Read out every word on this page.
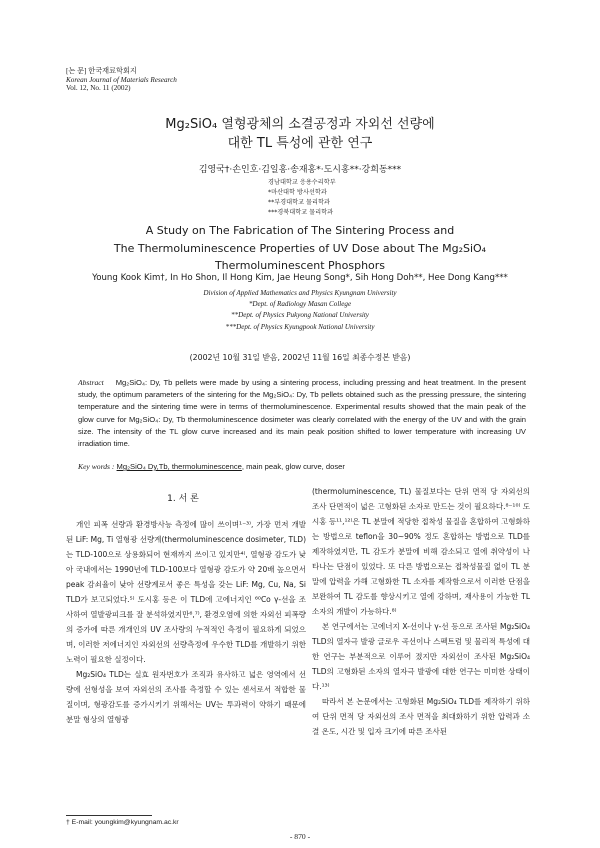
[논 문] 한국재료학회지
Korean Journal of Materials Research
Vol. 12, No. 11 (2002)
Mg₂SiO₄ 열형광체의 소결공정과 자외선 선량에
대한 TL 특성에 관한 연구
김영국†·손인호·김일홍·송재홍*·도시홍**·강희동***
경남대학교 응용수리학부
*마산대학 방사선학과
**부경대학교 물리학과
***경북대학교 물리학과
A Study on The Fabrication of The Sintering Process and
The Thermoluminescence Properties of UV Dose about The Mg₂SiO₄
Thermoluminescent Phosphors
Young Kook Kim†, In Ho Shon, Il Hong Kim, Jae Heung Song*, Sih Hong Doh**, Hee Dong Kang***
Division of Applied Mathematics and Physics Kyungnam University
*Dept. of Radiology Masan College
**Dept. of Physics Pukyong National University
***Dept. of Physics Kyungpook National University
(2002년 10월 31일 받음, 2002년 11월 16일 최종수정본 받음)
Abstract Mg₂SiO₄: Dy, Tb pellets were made by using a sintering process, including pressing and heat treatment. In the present study, the optimum parameters of the sintering for the Mg₂SiO₄: Dy, Tb pellets obtained such as the pressing pressure, the sintering temperature and the sintering time were in terms of thermoluminescence. Experimental results showed that the main peak of the glow curve for Mg₂SiO₄: Dy, Tb thermoluminescence dosimeter was clearly correlated with the energy of the UV and with the grain size. The intensity of the TL glow curve increased and its main peak position shifted to lower temperature with increasing UV irradiation time.
Key words : Mg₂SiO₄ Dy,Tb, thermoluminescence, main peak, glow curve, doser
1. 서 론

개인 피폭 선량과 환경방사능 측정에 많이 쓰이며¹⁻³⁾, 가장 먼저 개발된 LiF: Mg, Ti 열형광 선량계(thermoluminescence dosimeter, TLD)는 TLD-100으로 상용화되어 현재까지 쓰이고 있지만⁴⁾, 열형광 감도가 낮아 국내에서는 1990년에 TLD-100보다 열형광 감도가 약 20배 높으면서 peak 감쇠율이 낮아 선량계로서 좋은 특성을 갖는 LiF: Mg, Cu, Na, Si TLD가 보고되었다.⁵⁾ 도시홍 등은 이 TLD에 고에너지인 ⁶⁰Co γ-선을 조사하여 열발광피크를 잘 분석하였지만⁶,⁷⁾, 환경오염에 의한 자외선 피폭량의 증가에 따른 개개인의 UV 조사량의 누적적인 측정이 필요하게 되었으며, 이러한 저에너지인 자외선의 선량측정에 우수한 TLD를 개발하기 위한 노력이 필요한 실정이다.

Mg₂SiO₄ TLD는 실효 원자번호가 조직과 유사하고 넓은 영역에서 선량에 선형성을 보여 자외선의 조사를 측정할 수 있는 센서로서 적합한 물질이며, 형광감도를 증가시키기 위해서는 UV는 투과력이 약하기 때문에 분말 형상의 열형광

(thermoluminescence, TL) 물질보다는 단위 면적 당 자외선의 조사 단면적이 넓은 고형화된 소자로 만드는 것이 필요하다.⁸⁻¹⁰⁾ 도시홍 등¹¹,¹²⁾은 TL 분말에 적당한 접착성 물질을 혼합하여 고형화하는 방법으로 teflon을 30~90% 정도 혼합하는 방법으로 TLD를 제작하였지만, TL 감도가 분말에 비해 감소되고 열에 취약성이 나타나는 단점이 있었다. 또 다른 방법으로는 접착성물질 없이 TL 분말에 압력을 가해 고형화한 TL 소자를 제작함으로서 이러한 단점을 보완하여 TL 감도를 향상시키고 열에 강하며, 재사용이 가능한 TL 소자의 개발이 가능하다.⁸⁾

본 연구에서는 고에너지 X-선이나 γ-선 등으로 조사된 Mg₂SiO₄ TLD의 열자극 발광 글로우 곡선이나 스펙트럼 및 물리적 특성에 대한 연구는 부분적으로 이루어 졌지만 자외선이 조사된 Mg₂SiO₄ TLD의 고형화된 소자의 열자극 발광에 대한 연구는 미미한 상태이다.¹³⁾

따라서 본 논문에서는 고형화된 Mg₂SiO₄ TLD를 제작하기 위하여 단위 면적 당 자외선의 조사 면적을 최대화하기 위한 압력과 소결 온도, 시간 및 입자 크기에 따른 조사된

† E-mail: youngkim@kyungnam.ac.kr
- 870 -
